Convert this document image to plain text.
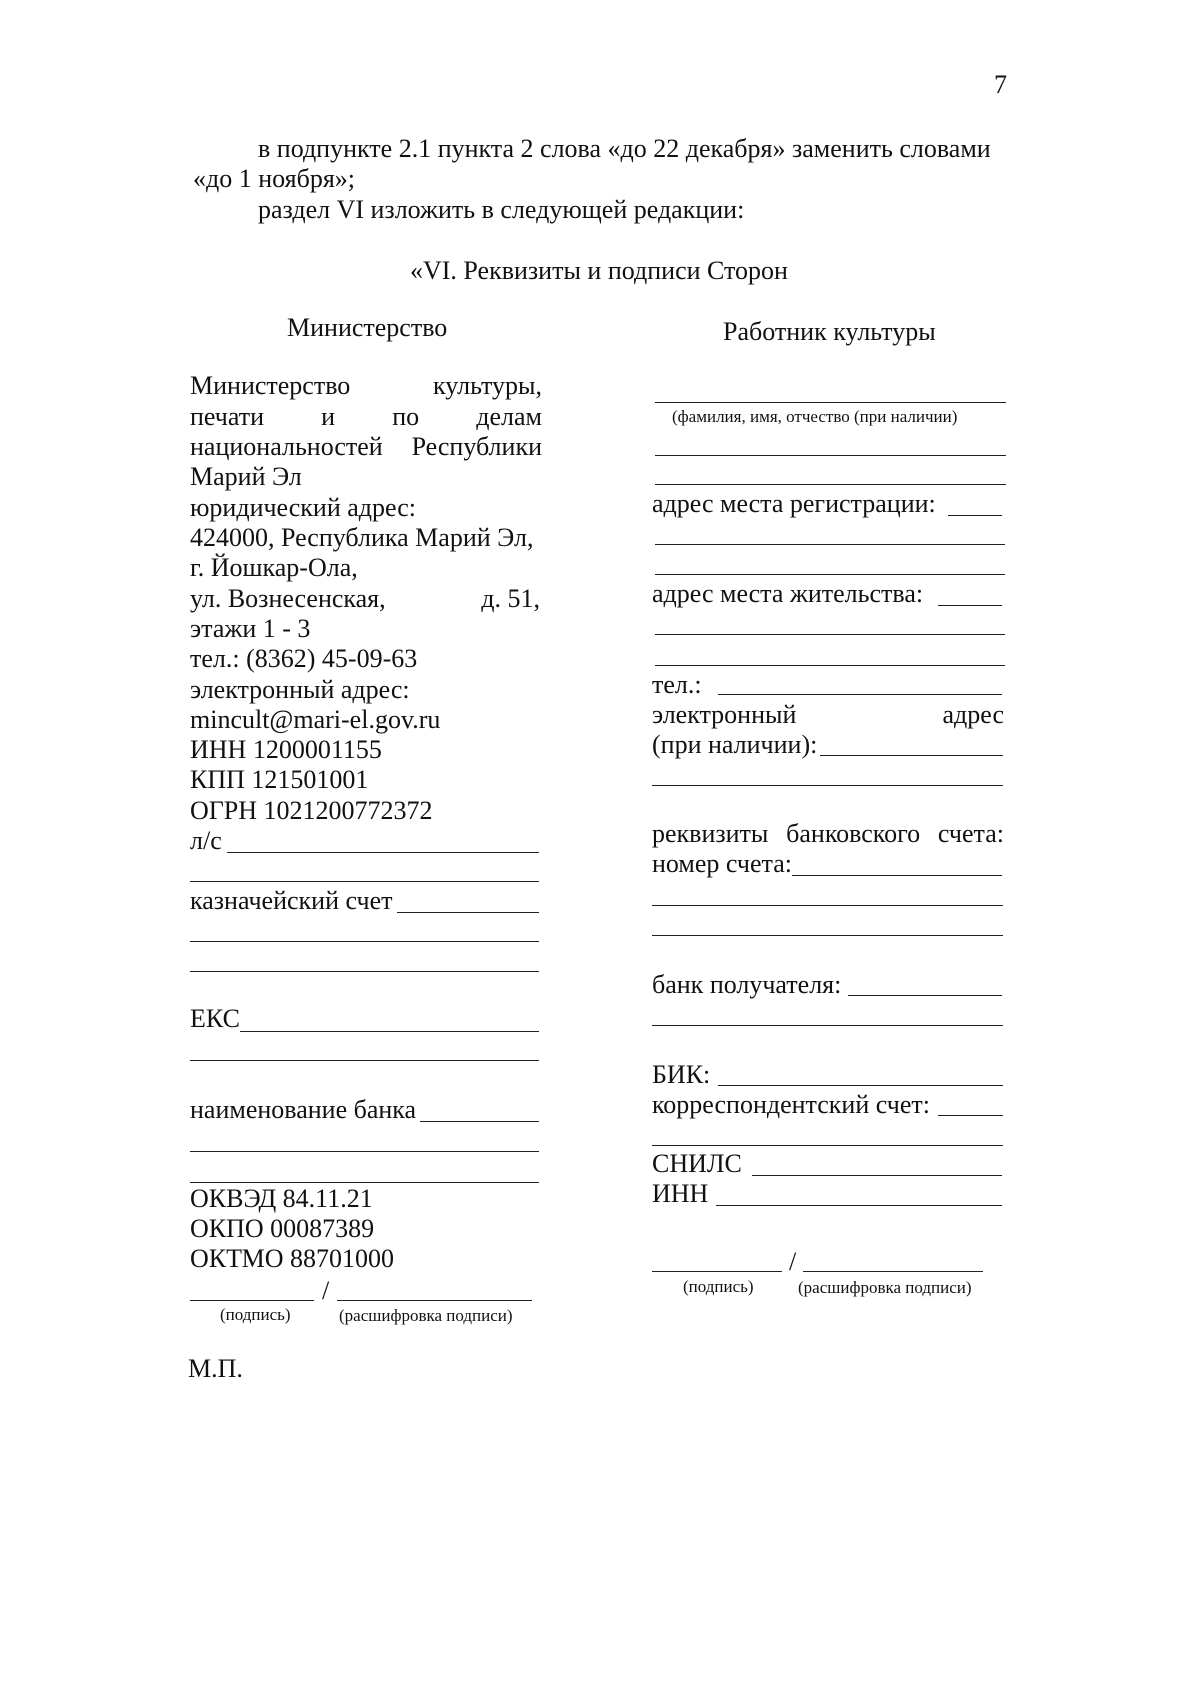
7
в подпункте 2.1 пункта 2 слова «до 22 декабря» заменить словами
«до 1 ноября»;
раздел VI изложить в следующей редакции:
«VI. Реквизиты и подписи Сторон
Министерство
Министерство	культуры,
печати и по делам
национальностей Республики
Марий Эл
юридический адрес:
424000, Республика Марий Эл,
г. Йошкар-Ола,
ул. Вознесенская,	д. 51,
этажи 1 - 3
тел.: (8362) 45-09-63
электронный адрес:
mincult@mari-el.gov.ru
ИНН 1200001155
КПП 121501001
ОГРН 1021200772372
л/с
казначейский счет
ЕКС
наименование банка
ОКВЭД 84.11.21
ОКПО 00087389
ОКТМО 88701000
/
(подпись)	(расшифровка подписи)
М.П.
Работник культуры
(фамилия, имя, отчество (при наличии)
адрес места регистрации:
адрес места жительства:
тел.:
электронный	адрес
(при наличии):
реквизиты банковского счета:
номер счета:
банк получателя:
БИК:
корреспондентский счет:
СНИЛС
ИНН
/
(подпись)	(расшифровка подписи)
